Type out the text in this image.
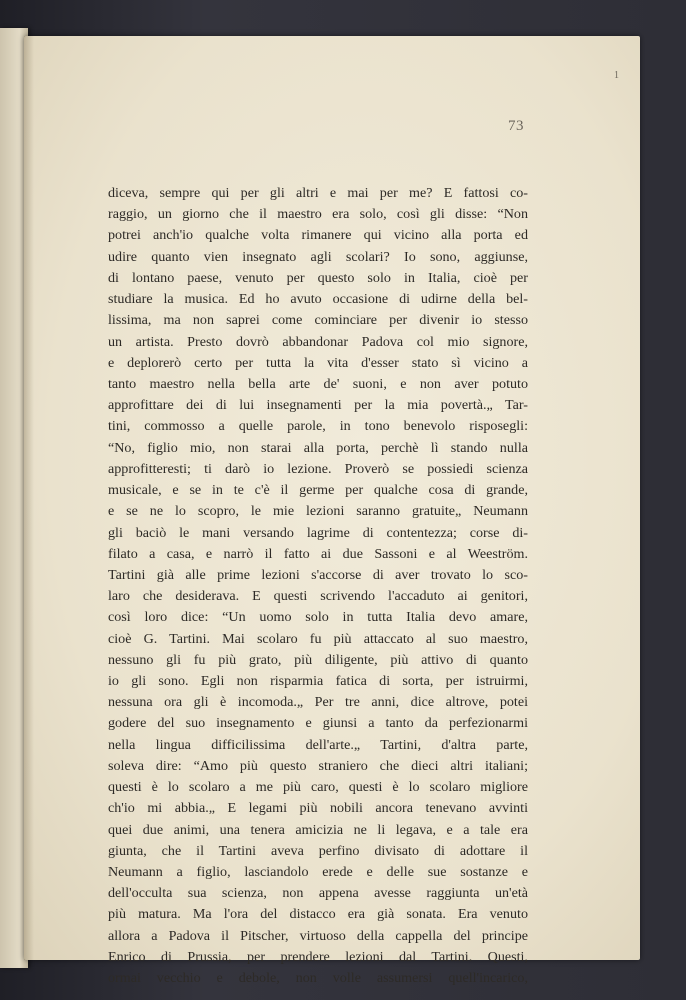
1

73

diceva, sempre qui per gli altri e mai per me? E fattosi co-
raggio, un giorno che il maestro era solo, così gli disse: “Non
potrei anch'io qualche volta rimanere qui vicino alla porta ed
udire quanto vien insegnato agli scolari? Io sono, aggiunse,
di lontano paese, venuto per questo solo in Italia, cioè per
studiare la musica. Ed ho avuto occasione di udirne della bel-
lissima, ma non saprei come cominciare per divenir io stesso
un artista. Presto dovrò abbandonar Padova col mio signore,
e deplorerò certo per tutta la vita d'esser stato sì vicino a
tanto maestro nella bella arte de' suoni, e non aver potuto
approfittare dei di lui insegnamenti per la mia povertà.„ Tar-
tini, commosso a quelle parole, in tono benevolo risposegli:
“No, figlio mio, non starai alla porta, perchè lì stando nulla
approfitteresti; ti darò io lezione. Proverò se possiedi scienza
musicale, e se in te c'è il germe per qualche cosa di grande,
e se ne lo scopro, le mie lezioni saranno gratuite„ Neumann
gli baciò le mani versando lagrime di contentezza; corse di-
filato a casa, e narrò il fatto ai due Sassoni e al Weeström.
Tartini già alle prime lezioni s'accorse di aver trovato lo sco-
laro che desiderava. E questi scrivendo l'accaduto ai genitori,
così loro dice: “Un uomo solo in tutta Italia devo amare,
cioè G. Tartini. Mai scolaro fu più attaccato al suo maestro,
nessuno gli fu più grato, più diligente, più attivo di quanto
io gli sono. Egli non risparmia fatica di sorta, per istruirmi,
nessuna ora gli è incomoda.„ Per tre anni, dice altrove, potei
godere del suo insegnamento e giunsi a tanto da perfezionarmi
nella lingua difficilissima dell'arte.„ Tartini, d'altra parte,
soleva dire: “Amo più questo straniero che dieci altri italiani;
questi è lo scolaro a me più caro, questi è lo scolaro migliore
ch'io mi abbia.„ E legami più nobili ancora tenevano avvinti
quei due animi, una tenera amicizia ne li legava, e a tale era
giunta, che il Tartini aveva perfino divisato di adottare il
Neumann a figlio, lasciandolo erede e delle sue sostanze e
dell'occulta sua scienza, non appena avesse raggiunta un'età
più matura. Ma l'ora del distacco era già sonata. Era venuto
allora a Padova il Pitscher, virtuoso della cappella del principe
Enrico di Prussia, per prendere lezioni dal Tartini. Questi,
ormai vecchio e debole, non volle assumersi quell'incarico,
